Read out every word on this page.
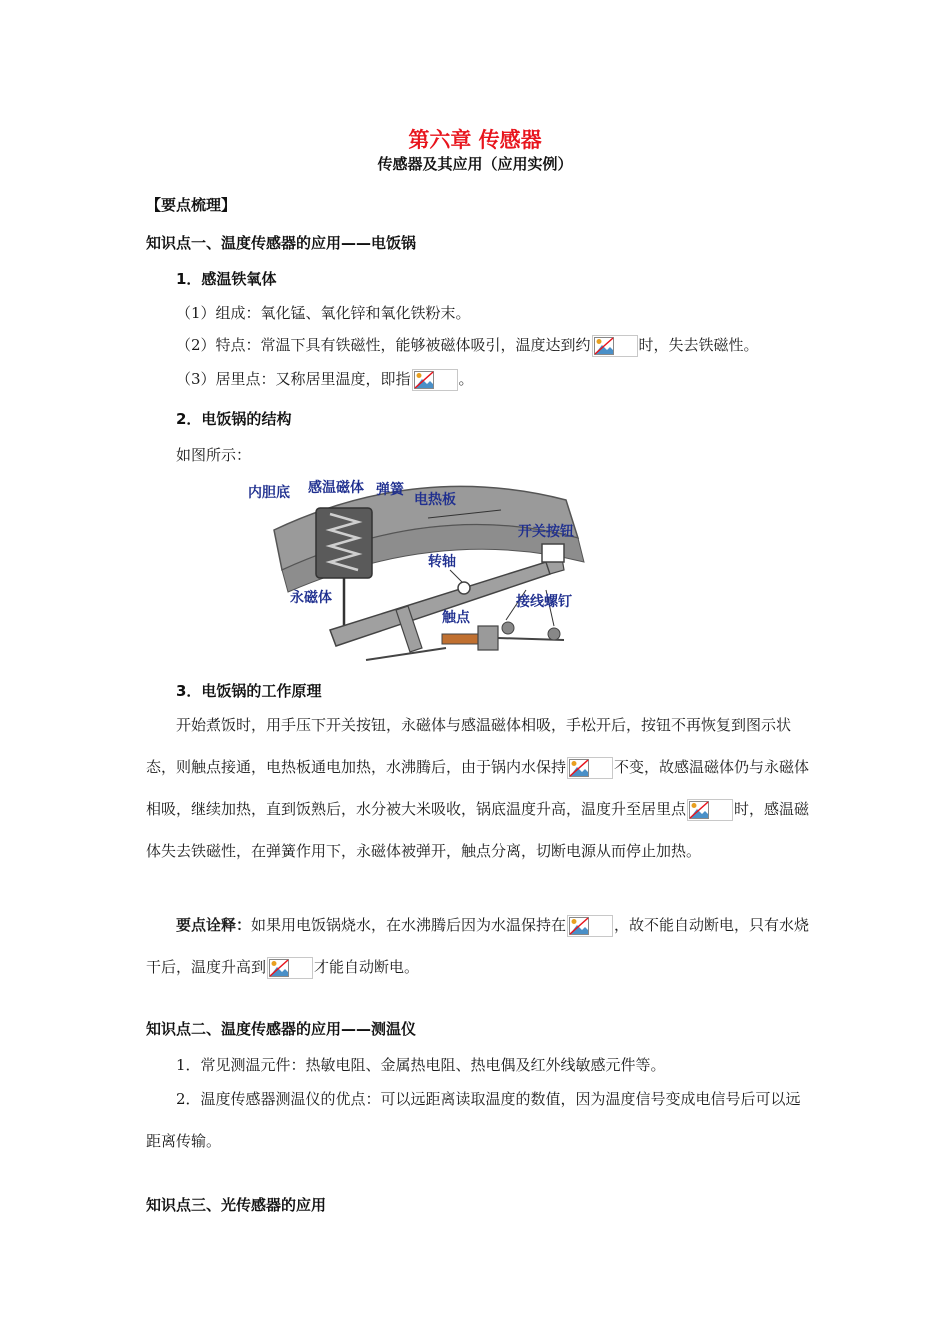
第六章 传感器
传感器及其应用（应用实例）
【要点梳理】
知识点一、温度传感器的应用——电饭锅
1．感温铁氧体
（1）组成：氧化锰、氧化锌和氧化铁粉末。
（2）特点：常温下具有铁磁性，能够被磁体吸引，温度达到约	时，失去铁磁性。
（3）居里点：又称居里温度，即指	。
2．电饭锅的结构
如图所示：
内胆底 感温磁体 弹簧
电热板
开关按钮
转轴
永磁体
触点
接线螺钉
3．电饭锅的工作原理
开始煮饭时，用手压下开关按钮，永磁体与感温磁体相吸，手松开后，按钮不再恢复到图示状态，则触点接通，电热板通电加热，水沸腾后，由于锅内水保持	不变，故感温磁体仍与永磁体相吸，继续加热，直到饭熟后，水分被大米吸收，锅底温度升高，温度升至居里点	时，感温磁体失去铁磁性，在弹簧作用下，永磁体被弹开，触点分离，切断电源从而停止加热。
要点诠释：如果用电饭锅烧水，在水沸腾后因为水温保持在	，故不能自动断电，只有水烧干后，温度升高到	才能自动断电。
知识点二、温度传感器的应用——测温仪
1．常见测温元件：热敏电阻、金属热电阻、热电偶及红外线敏感元件等。
2．温度传感器测温仪的优点：可以远距离读取温度的数值，因为温度信号变成电信号后可以远距离传输。
知识点三、光传感器的应用
